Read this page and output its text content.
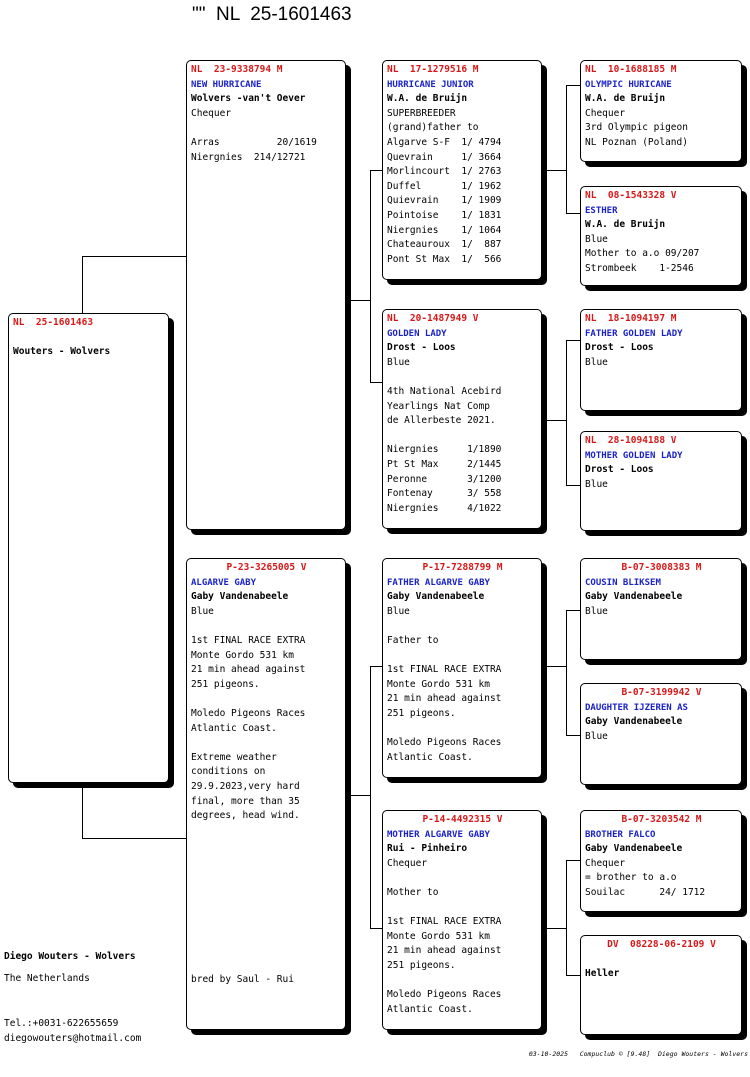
""  NL  25-1601463
NL  25-1601463
Wouters - Wolvers
NL  23-9338794 M
NEW HURRICANE
Wolvers -van't Oever
Chequer
Arras          20/1619
Niergnies  214/12721
P-23-3265005 V
ALGARVE GABY
Gaby Vandenabeele
Blue
1st FINAL RACE EXTRA
Monte Gordo 531 km
21 min ahead against
251 pigeons.
Moledo Pigeons Races
Atlantic Coast.
Extreme weather
conditions on
29.9.2023,very hard
final, more than 35
degrees, head wind.
bred by Saul - Rui
NL  17-1279516 M
HURRICANE JUNIOR
W.A. de Bruijn
SUPERBREEDER
(grand)father to
Algarve S-F  1/ 4794
Quevrain     1/ 3664
Morlincourt  1/ 2763
Duffel       1/ 1962
Quievrain    1/ 1909
Pointoise    1/ 1831
Niergnies    1/ 1064
Chateauroux  1/  887
Pont St Max  1/  566
NL  20-1487949 V
GOLDEN LADY
Drost - Loos
Blue
4th National Acebird
Yearlings Nat Comp
de Allerbeste 2021.
Niergnies     1/1890
Pt St Max     2/1445
Peronne       3/1200
Fontenay      3/ 558
Niergnies     4/1022
P-17-7288799 M
FATHER ALGARVE GABY
Gaby Vandenabeele
Blue
Father to
1st FINAL RACE EXTRA
Monte Gordo 531 km
21 min ahead against
251 pigeons.
Moledo Pigeons Races
Atlantic Coast.
P-14-4492315 V
MOTHER ALGARVE GABY
Rui - Pinheiro
Chequer
Mother to
1st FINAL RACE EXTRA
Monte Gordo 531 km
21 min ahead against
251 pigeons.
Moledo Pigeons Races
Atlantic Coast.
NL  10-1688185 M
OLYMPIC HURICANE
W.A. de Bruijn
Chequer
3rd Olympic pigeon
NL Poznan (Poland)
NL  08-1543328 V
ESTHER
W.A. de Bruijn
Blue
Mother to a.o 09/207
Strombeek    1-2546
NL  18-1094197 M
FATHER GOLDEN LADY
Drost - Loos
Blue
NL  28-1094188 V
MOTHER GOLDEN LADY
Drost - Loos
Blue
B-07-3008383 M
COUSIN BLIKSEM
Gaby Vandenabeele
Blue
B-07-3199942 V
DAUGHTER IJZEREN AS
Gaby Vandenabeele
Blue
B-07-3203542 M
BROTHER FALCO
Gaby Vandenabeele
Chequer
= brother to a.o
Souilac      24/ 1712
DV  08228-06-2109 V
Heller
Diego Wouters - Wolvers
The Netherlands
Tel.:+0031-622655659
diegowouters@hotmail.com
03-10-2025   Compuclub © [9.48]  Diego Wouters - Wolvers
